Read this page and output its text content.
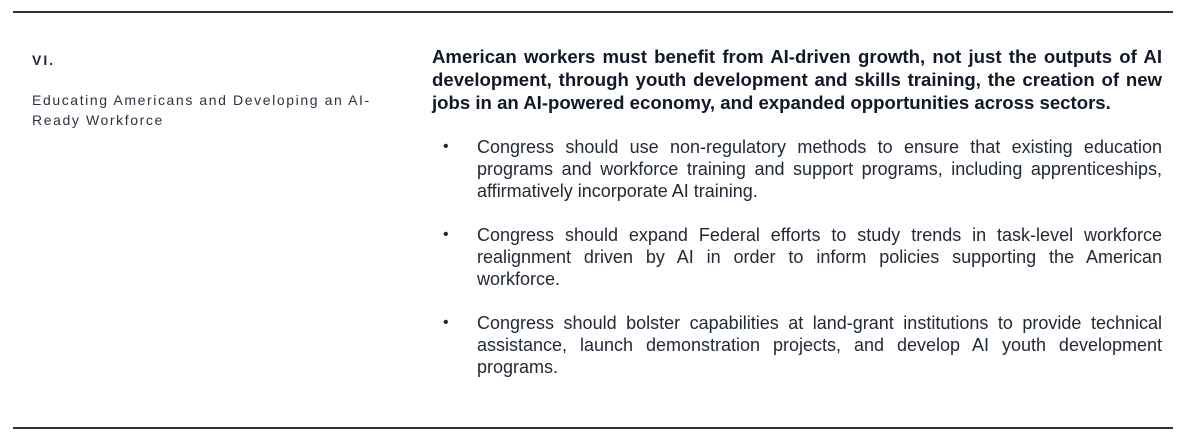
VI.
Educating Americans and Developing an AI-Ready Workforce
American workers must benefit from AI-driven growth, not just the outputs of AI development, through youth development and skills training, the creation of new jobs in an AI-powered economy, and expanded opportunities across sectors.
• Congress should use non-regulatory methods to ensure that existing education programs and workforce training and support programs, including apprenticeships, affirmatively incorporate AI training.
• Congress should expand Federal efforts to study trends in task-level workforce realignment driven by AI in order to inform policies supporting the American workforce.
• Congress should bolster capabilities at land-grant institutions to provide technical assistance, launch demonstration projects, and develop AI youth development programs.
